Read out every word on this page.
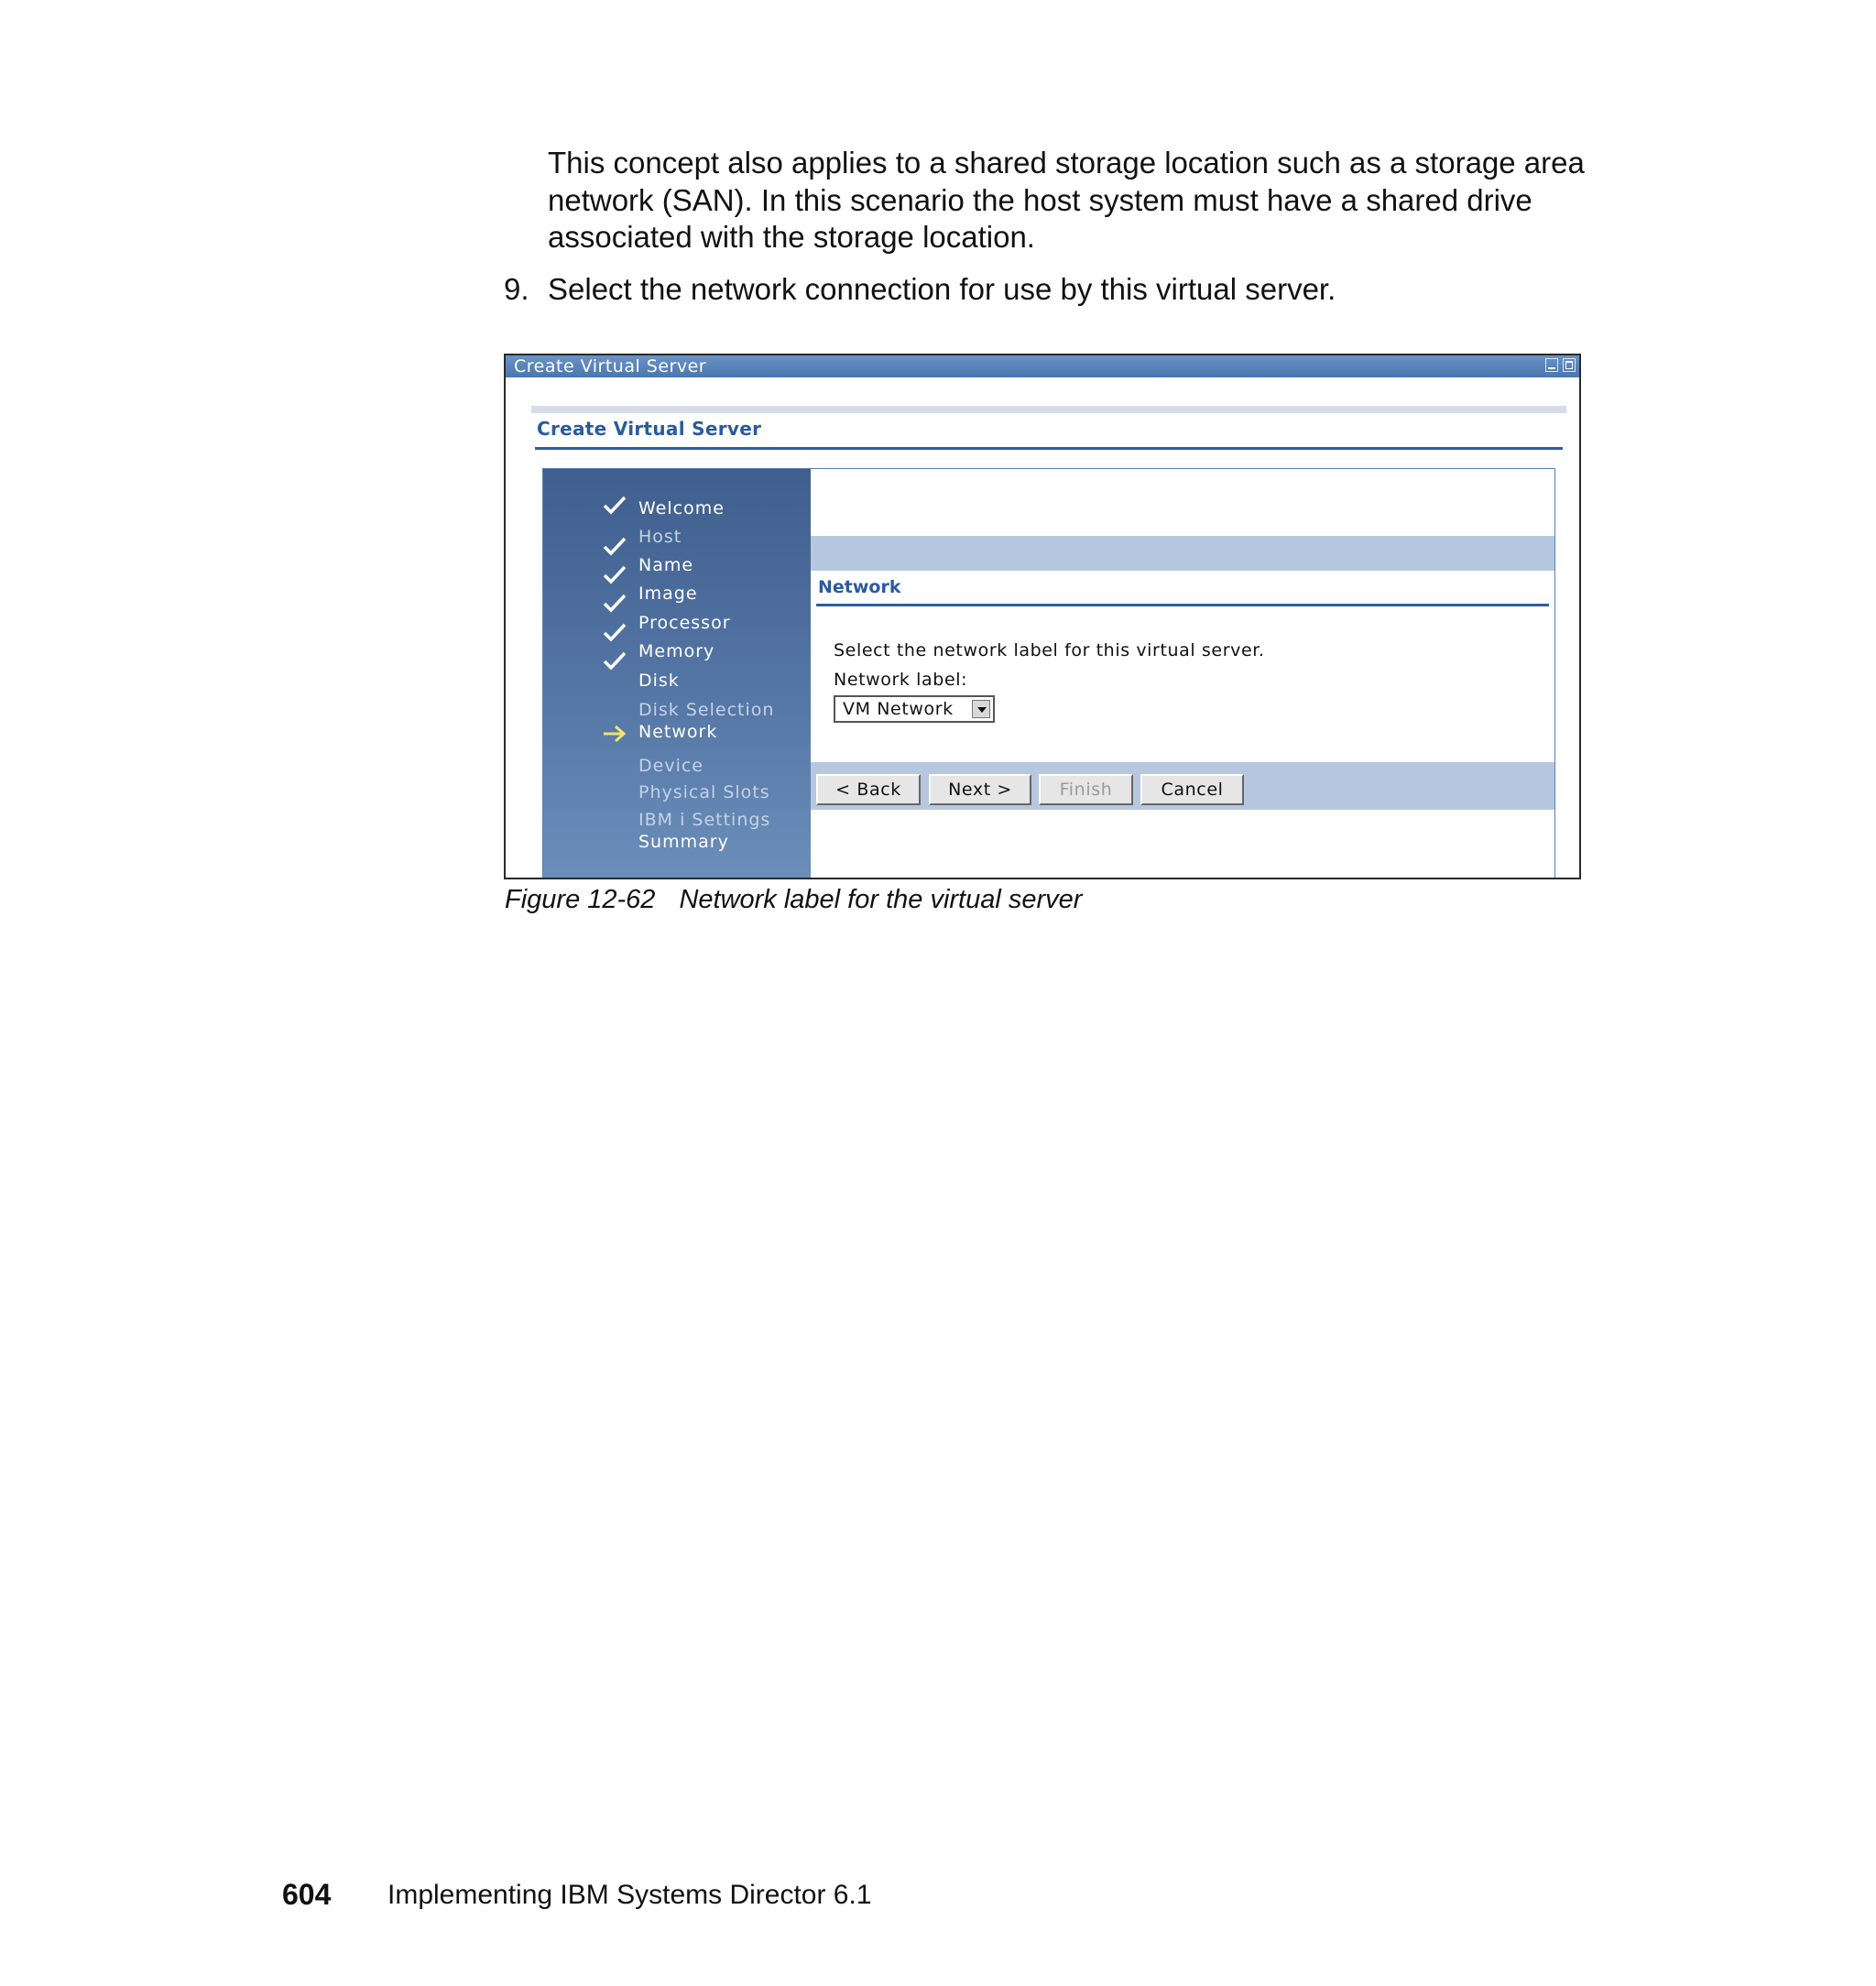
This concept also applies to a shared storage location such as a storage area network (SAN). In this scenario the host system must have a shared drive associated with the storage location.

9. Select the network connection for use by this virtual server.
Create Virtual Server
Create Virtual Server
Welcome
Host
Name
Image
Processor
Memory
Disk
Disk Selection
Network
Device
Physical Slots
IBM i Settings
Summary
Network
Select the network label for this virtual server.
Network label:
VM Network
< Back	Next >	Finish	Cancel
Figure 12-62 Network label for the virtual server
604 Implementing IBM Systems Director 6.1
